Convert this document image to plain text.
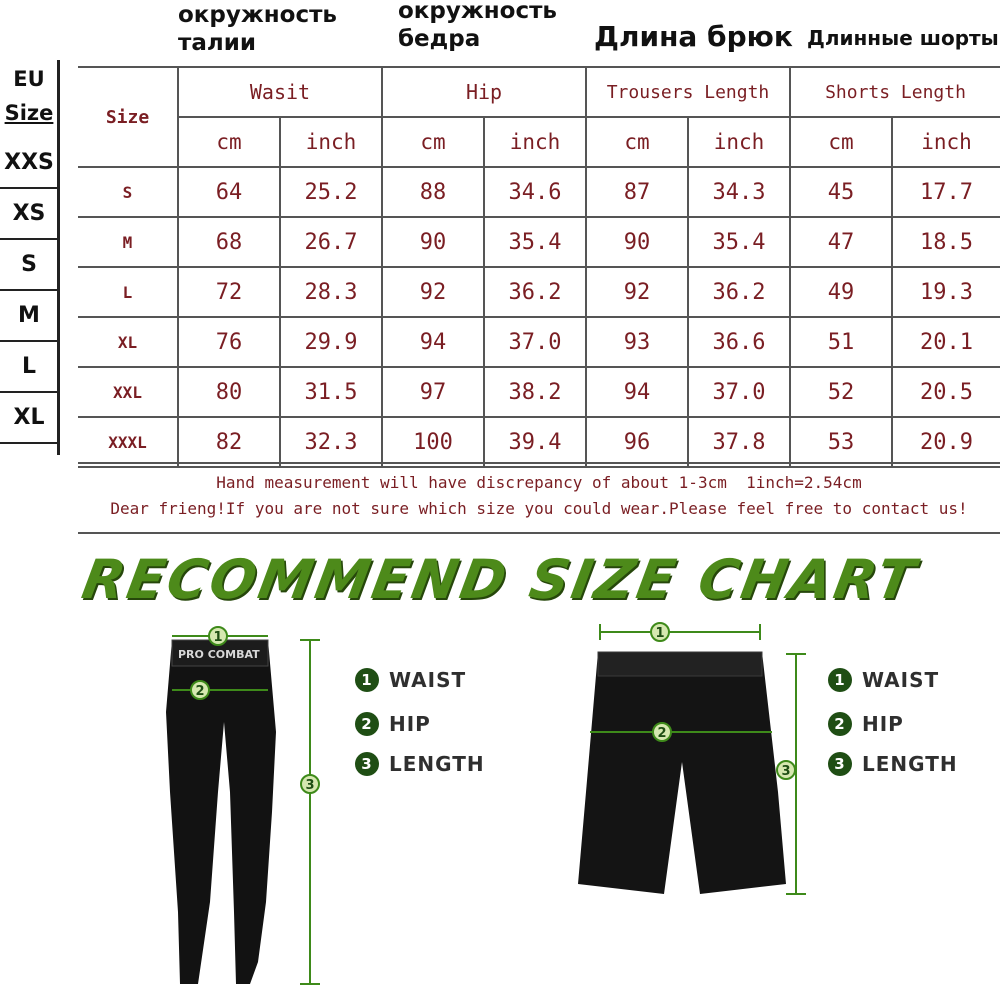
окружность
талии
окружность
бедра	Длина брюк Длинные шорты
EU
Size
XXS
XS
S
M
L
XL
Size	Wasit		Hip		Trousers Length		Shorts Length	
	cm	inch	cm	inch	cm	inch	cm	inch
S	64	25.2	88	34.6	87	34.3	45	17.7
M	68	26.7	90	35.4	90	35.4	47	18.5
L	72	28.3	92	36.2	92	36.2	49	19.3
XL	76	29.9	94	37.0	93	36.6	51	20.1
XXL	80	31.5	97	38.2	94	37.0	52	20.5
XXXL	82	32.3	100	39.4	96	37.8	53	20.9
Hand measurement will have discrepancy of about 1-3cm  1inch=2.54cm
Dear frieng!If you are not sure which size you could wear.Please feel free to contact us!
RECOMMEND SIZE CHART
PRO COMBAT
1
2
3
1 WAIST
2 HIP
3 LENGTH
1
2
3
1 WAIST
2 HIP
3 LENGTH
